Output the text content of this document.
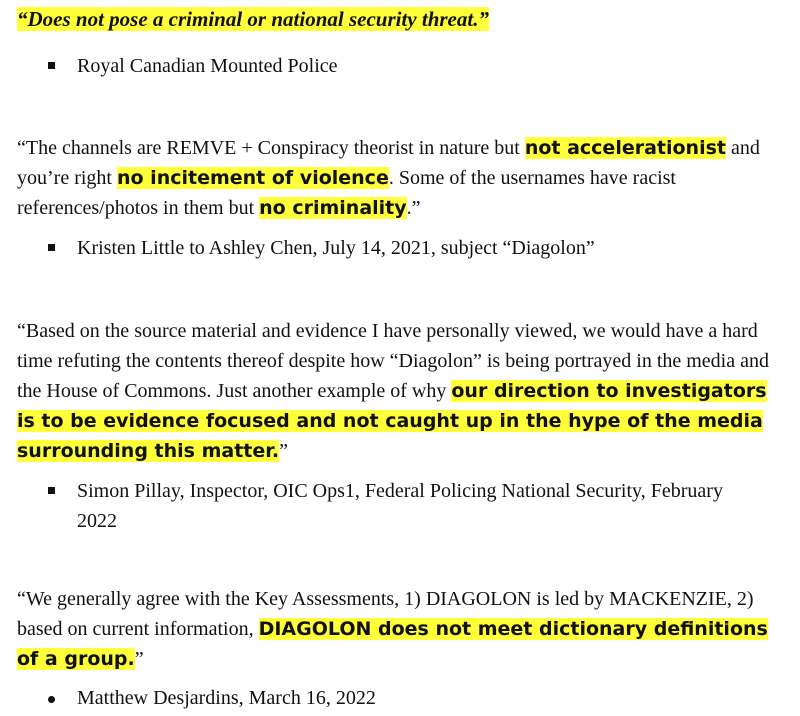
“Does not pose a criminal or national security threat.”

Royal Canadian Mounted Police

“The channels are REMVE + Conspiracy theorist in nature but not accelerationist and you’re right no incitement of violence. Some of the usernames have racist references/photos in them but no criminality.”

Kristen Little to Ashley Chen, July 14, 2021, subject “Diagolon”

“Based on the source material and evidence I have personally viewed, we would have a hard time refuting the contents thereof despite how “Diagolon” is being portrayed in the media and the House of Commons. Just another example of why our direction to investigators is to be evidence focused and not caught up in the hype of the media surrounding this matter.”

Simon Pillay, Inspector, OIC Ops1, Federal Policing National Security, February 2022

“We generally agree with the Key Assessments, 1) DIAGOLON is led by MACKENZIE, 2) based on current information, DIAGOLON does not meet dictionary definitions of a group.”

Matthew Desjardins, March 16, 2022
